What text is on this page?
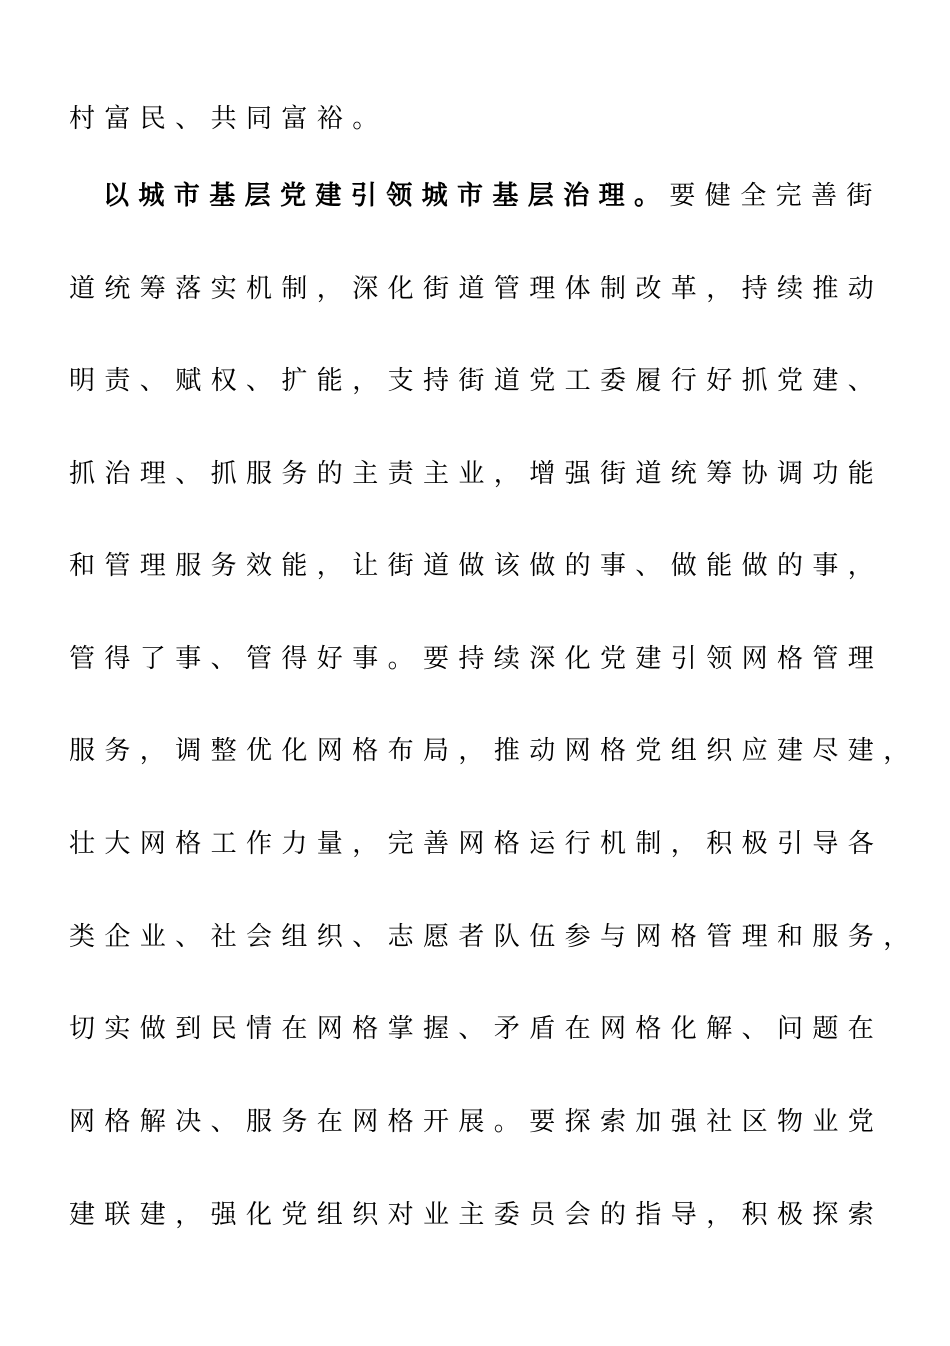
村富民、共同富裕。

以城市基层党建引领城市基层治理。要健全完善街

道统筹落实机制，深化街道管理体制改革，持续推动

明责、赋权、扩能，支持街道党工委履行好抓党建、

抓治理、抓服务的主责主业，增强街道统筹协调功能

和管理服务效能，让街道做该做的事、做能做的事，

管得了事、管得好事。要持续深化党建引领网格管理

服务，调整优化网格布局，推动网格党组织应建尽建，

壮大网格工作力量，完善网格运行机制，积极引导各

类企业、社会组织、志愿者队伍参与网格管理和服务，

切实做到民情在网格掌握、矛盾在网格化解、问题在

网格解决、服务在网格开展。要探索加强社区物业党

建联建，强化党组织对业主委员会的指导，积极探索
